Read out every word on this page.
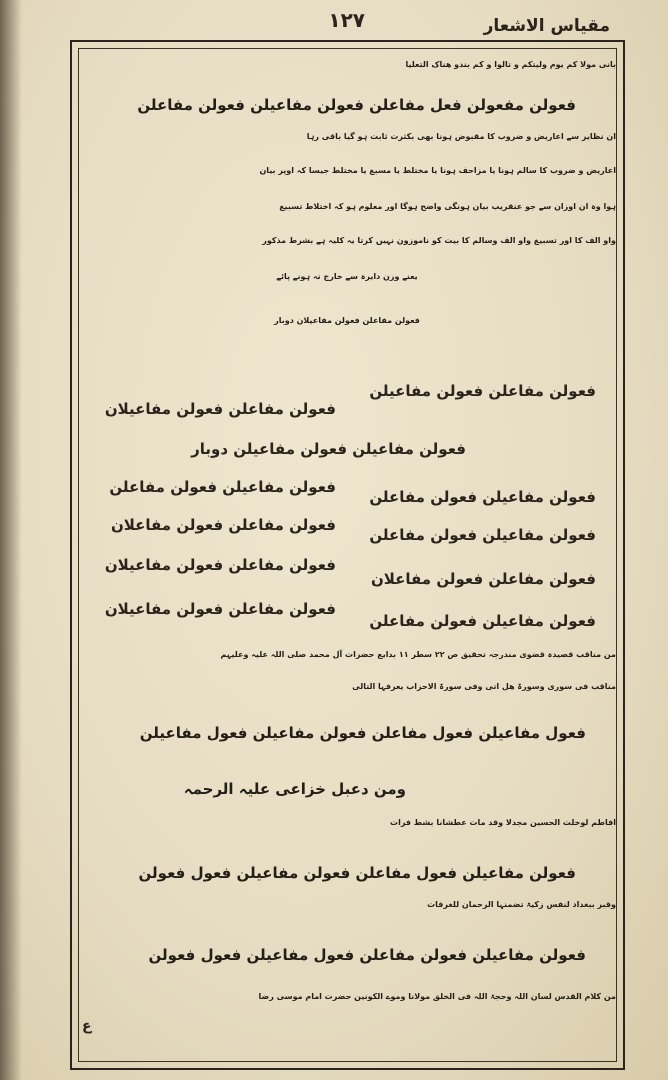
مقیاس الاشعار
۱۲۷
بانی مولا کم یوم ولیتکم و تالوا و کم بندو ھناک التعلیا
فعولن مفعولن فعل مفاعلن فعولن مفاعیلن فعولن مفاعلن
ان نظایر سے اعاریض و ضروب کا مقبوض ہونا بھی بکثرت ثابت ہو گیا باقی رہا
اعاریض و ضروب کا سالم ہونا یا مزاحف ہونا یا مختلط یا مسبغ یا مختلط جیسا کہ اوپر بیان
ہوا وہ ان اوزان سے جو عنقریب بیان ہونگی واضح ہوگا اور معلوم ہو کہ اختلاط تسبیغ
واو الف کا اور تسبیغ واو الف وسالم کا بیت کو ناموزون نہیں کرتا یہ کلیہ ہے بشرط مذکور
یعنے وزن دایرہ سے خارج نہ ہونے پائے
فعولن مفاعلن فعولن مفاعیلان دوبار
فعولن مفاعلن فعولن مفاعیلن
فعولن مفاعلن فعولن مفاعیلان
فعولن مفاعیلن فعولن مفاعیلن دوبار
فعولن مفاعیلن فعولن مفاعلن
فعولن مفاعیلن فعولن مفاعلن
فعولن مفاعیلن فعولن مفاعلن
فعولن مفاعلن فعولن مفاعلان
فعولن مفاعلن فعولن مفاعلان
فعولن مفاعلن فعولن مفاعیلان
فعولن مفاعیلن فعولن مفاعلن
فعولن مفاعلن فعولن مفاعیلان
من مناقب قصیدہ قضوی مندرجہ تحقیق ص ۲۲ سطر ۱۱ بدایع حضرات آل محمد صلی اللہ علیہ وعلیہم
مناقب فی سوری وسورۃ ھل اتی وفی سورۃ الاحزاب یعرفہا التالی
فعول مفاعیلن فعول مفاعلن فعولن مفاعیلن فعول مفاعیلن
ومن دعبل خزاعی علیہ الرحمہ
افاطم لوخلت الحسین مجدلا وقد مات عطشانا بشط فرات
فعولن مفاعیلن فعول مفاعلن فعولن مفاعیلن فعول فعولن
وقبر ببغداد لنفس زکیۃ تضمنہا الرحمان للغرفات
فعولن مفاعیلن فعولن مفاعلن فعول مفاعیلن فعول فعولن
من کلام القدس لسان اللہ وحجۃ اللہ فی الخلق مولانا وموے الکونین حضرت امام موسی رضا
ع
